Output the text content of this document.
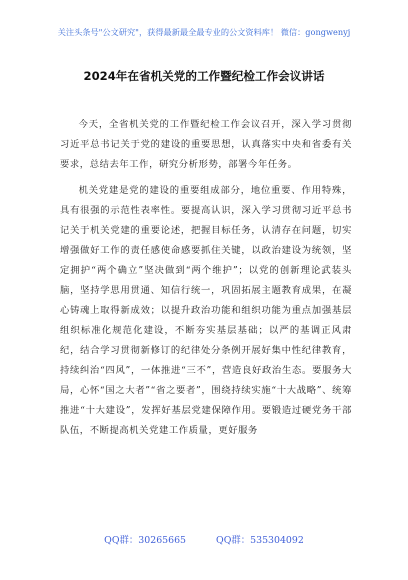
关注头条号"公文研究"，获得最新最全最专业的公文资料库！ 微信：gongwenyj
2024年在省机关党的工作暨纪检工作会议讲话

今天，全省机关党的工作暨纪检工作会议召开，深入学习贯彻习近平总书记关于党的建设的重要思想，认真落实中央和省委有关要求，总结去年工作，研究分析形势，部署今年任务。

机关党建是党的建设的重要组成部分，地位重要、作用特殊，具有很强的示范性表率性。要提高认识，深入学习贯彻习近平总书记关于机关党建的重要论述，把握目标任务，认清存在问题，切实增强做好工作的责任感使命感要抓住关键，以政治建设为统领，坚定拥护“两个确立”坚决做到“两个维护”；以党的创新理论武装头脑，坚持学思用贯通、知信行统一，巩固拓展主题教育成果，在凝心铸魂上取得新成效；以提升政治功能和组织功能为重点加强基层组织标准化规范化建设，不断夯实基层基础；以严的基调正风肃纪，结合学习贯彻新修订的纪律处分条例开展好集中性纪律教育，持续纠治“四风”，一体推进“三不”，营造良好政治生态。要服务大局，心怀“国之大者”“省之要者”，围绕持续实施“十大战略”、统筹推进“十大建设”，发挥好基层党建保障作用。要锻造过硬党务干部队伍，不断提高机关党建工作质量，更好服务

QQ群：30265665	QQ群：535304092
